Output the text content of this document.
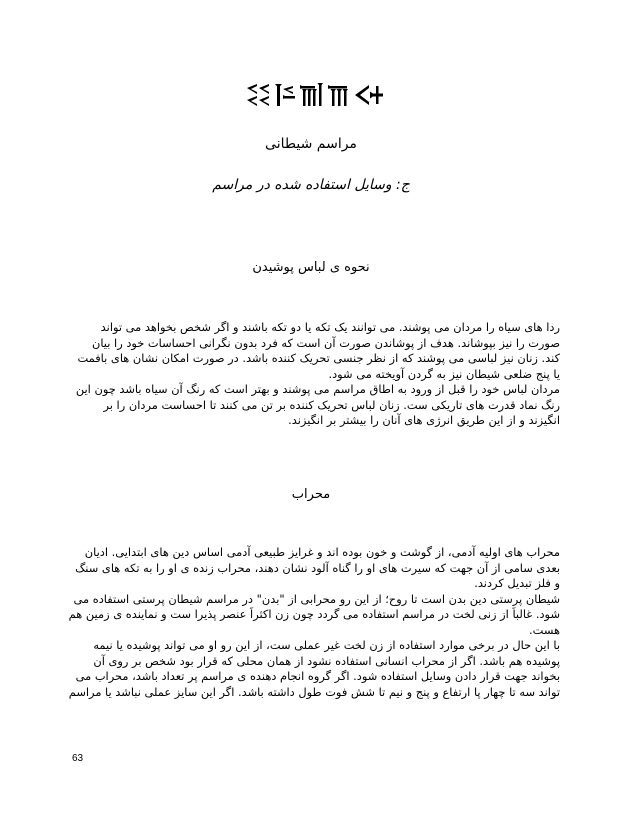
مراسم شیطانی
ج: وسایل استفاده شده در مراسم
نحوه ی لباس پوشیدن
ردا های سیاه را مردان می پوشند. می توانند یک تکه یا دو تکه باشند و اگر شخص بخواهد می تواند
صورت را نیز بپوشاند. هدف از پوشاندن صورت آن است که فرد بدون نگرانی احساسات خود را بیان
کند. زنان نیز لباسی می پوشند که از نظر جنسی تحریک کننده باشد. در صورت امکان نشان های بافمت
یا پنج ضلعی شیطان نیز به گردن آویخته می شود.
مردان لباس خود را قبل از ورود به اطاق مراسم می پوشند و بهتر است که رنگ آن سیاه باشد چون این
رنگ نماد قدرت های تاریکی ست. زنان لباس تحریک کننده بر تن می کنند تا احساست مردان را بر
انگیزند و از این طریق انرژی های آنان را بیشتر بر انگیزند.
محراب
محراب های اولیه آدمی، از گوشت و خون بوده اند و غرایز طبیعی آدمی اساس دین های ابتدایی. ادیان
بعدی سامی از آن جهت که سیرت های او را گناه آلود نشان دهند، محراب زنده ی او را به تکه های سنگ
و فلز تبدیل کردند.
شیطان پرستی دین بدن است تا روح؛ از این رو محرابی از "بدن" در مراسم شیطان پرستی استفاده می
شود. غالباً از زنی لخت در مراسم استفاده می گردد چون زن اکثراً عنصر پذیرا ست و نماینده ی زمین هم
هست.
با این حال در برخی موارد استفاده از زن لخت غیر عملی ست، از این رو او می تواند پوشیده یا نیمه
پوشیده هم باشد. اگر از محراب انسانی استفاده نشود از همان محلی که قرار بود شخص بر روی آن
بخواند جهت قرار دادن وسایل استفاده شود. اگر گروه انجام دهنده ی مراسم پر تعداد باشد، محراب می
تواند سه تا چهار پا ارتفاع و پنج و نیم تا شش فوت طول داشته باشد. اگر این سایز عملی نباشد یا مراسم
63
